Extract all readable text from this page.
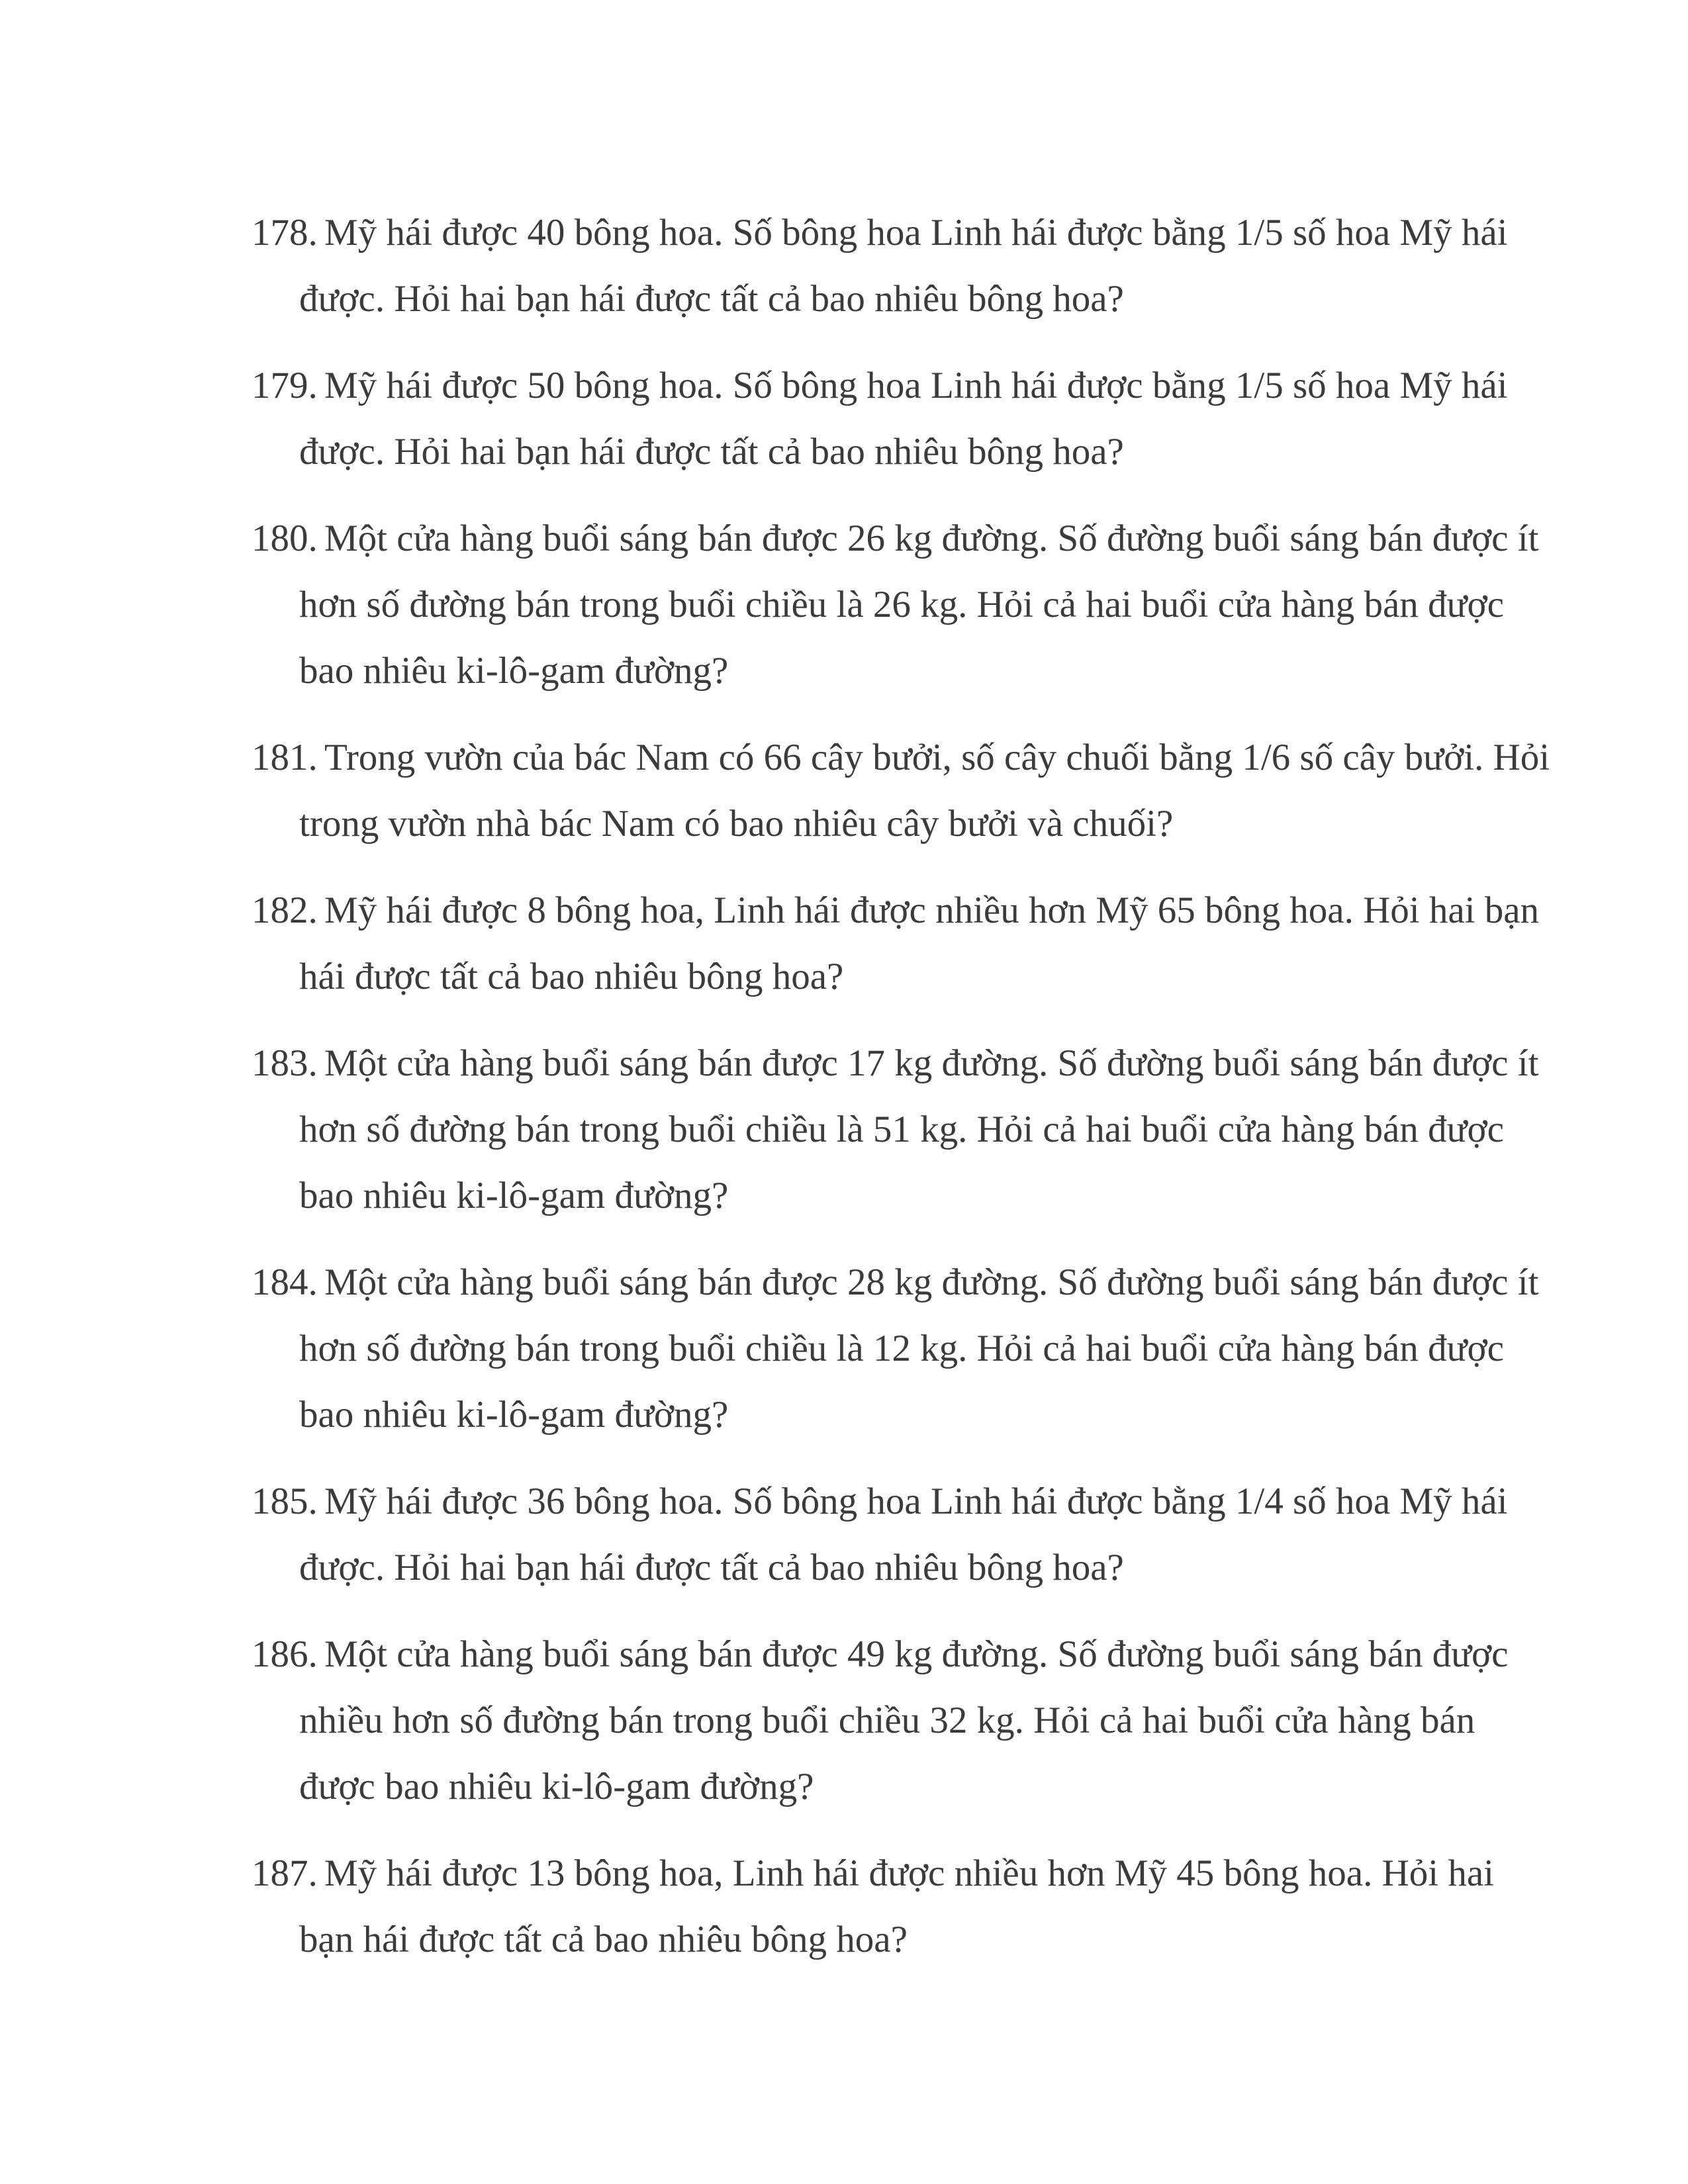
178. Mỹ hái được 40 bông hoa. Số bông hoa Linh hái được bằng 1/5 số hoa Mỹ hái
được. Hỏi hai bạn hái được tất cả bao nhiêu bông hoa?
179. Mỹ hái được 50 bông hoa. Số bông hoa Linh hái được bằng 1/5 số hoa Mỹ hái
được. Hỏi hai bạn hái được tất cả bao nhiêu bông hoa?
180. Một cửa hàng buổi sáng bán được 26 kg đường. Số đường buổi sáng bán được ít
hơn số đường bán trong buổi chiều là 26 kg. Hỏi cả hai buổi cửa hàng bán được
bao nhiêu ki-lô-gam đường?
181. Trong vườn của bác Nam có 66 cây bưởi, số cây chuối bằng 1/6 số cây bưởi. Hỏi
trong vườn nhà bác Nam có bao nhiêu cây bưởi và chuối?
182. Mỹ hái được 8 bông hoa, Linh hái được nhiều hơn Mỹ 65 bông hoa. Hỏi hai bạn
hái được tất cả bao nhiêu bông hoa?
183. Một cửa hàng buổi sáng bán được 17 kg đường. Số đường buổi sáng bán được ít
hơn số đường bán trong buổi chiều là 51 kg. Hỏi cả hai buổi cửa hàng bán được
bao nhiêu ki-lô-gam đường?
184. Một cửa hàng buổi sáng bán được 28 kg đường. Số đường buổi sáng bán được ít
hơn số đường bán trong buổi chiều là 12 kg. Hỏi cả hai buổi cửa hàng bán được
bao nhiêu ki-lô-gam đường?
185. Mỹ hái được 36 bông hoa. Số bông hoa Linh hái được bằng 1/4 số hoa Mỹ hái
được. Hỏi hai bạn hái được tất cả bao nhiêu bông hoa?
186. Một cửa hàng buổi sáng bán được 49 kg đường. Số đường buổi sáng bán được
nhiều hơn số đường bán trong buổi chiều 32 kg. Hỏi cả hai buổi cửa hàng bán
được bao nhiêu ki-lô-gam đường?
187. Mỹ hái được 13 bông hoa, Linh hái được nhiều hơn Mỹ 45 bông hoa. Hỏi hai
bạn hái được tất cả bao nhiêu bông hoa?
